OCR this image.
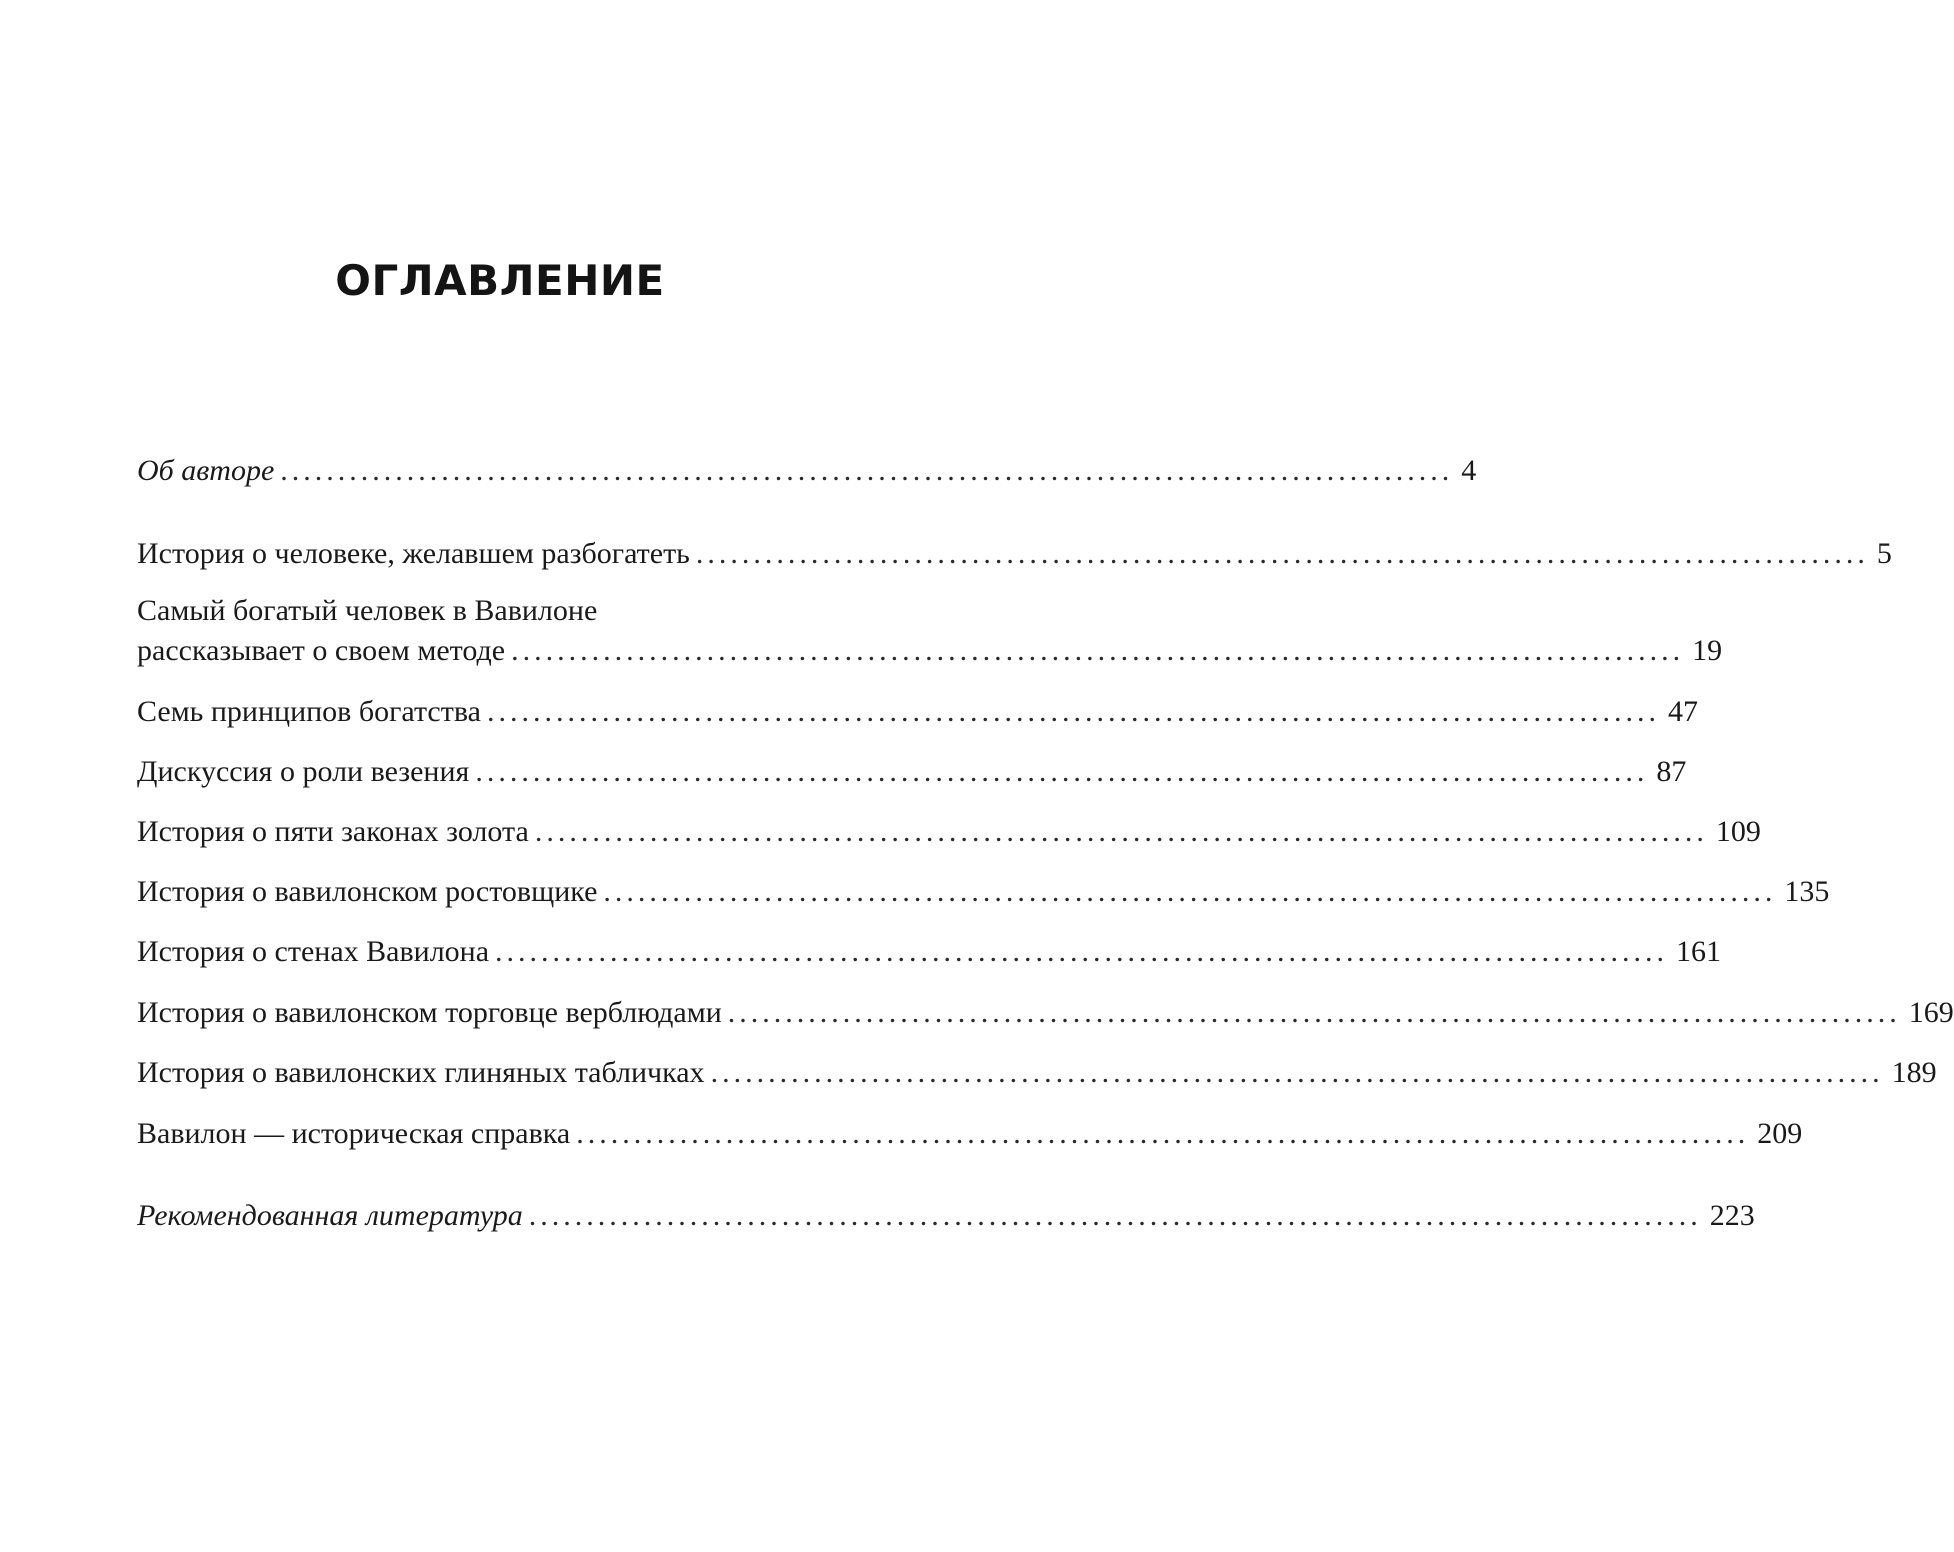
ОГЛАВЛЕНИЕ
Об авторе ...................................................................................................... 4
История о человеке, желавшем разбогатеть ...................................................................................................... 5
Самый богатый человек в Вавилоне
рассказывает о своем методе ...................................................................................................... 19
Семь принципов богатства ...................................................................................................... 47
Дискуссия о роли везения ...................................................................................................... 87
История о пяти законах золота ...................................................................................................... 109
История о вавилонском ростовщике ...................................................................................................... 135
История о стенах Вавилона ...................................................................................................... 161
История о вавилонском торговце верблюдами ...................................................................................................... 169
История о вавилонских глиняных табличках ...................................................................................................... 189
Вавилон — историческая справка ...................................................................................................... 209
Рекомендованная литература ...................................................................................................... 223
